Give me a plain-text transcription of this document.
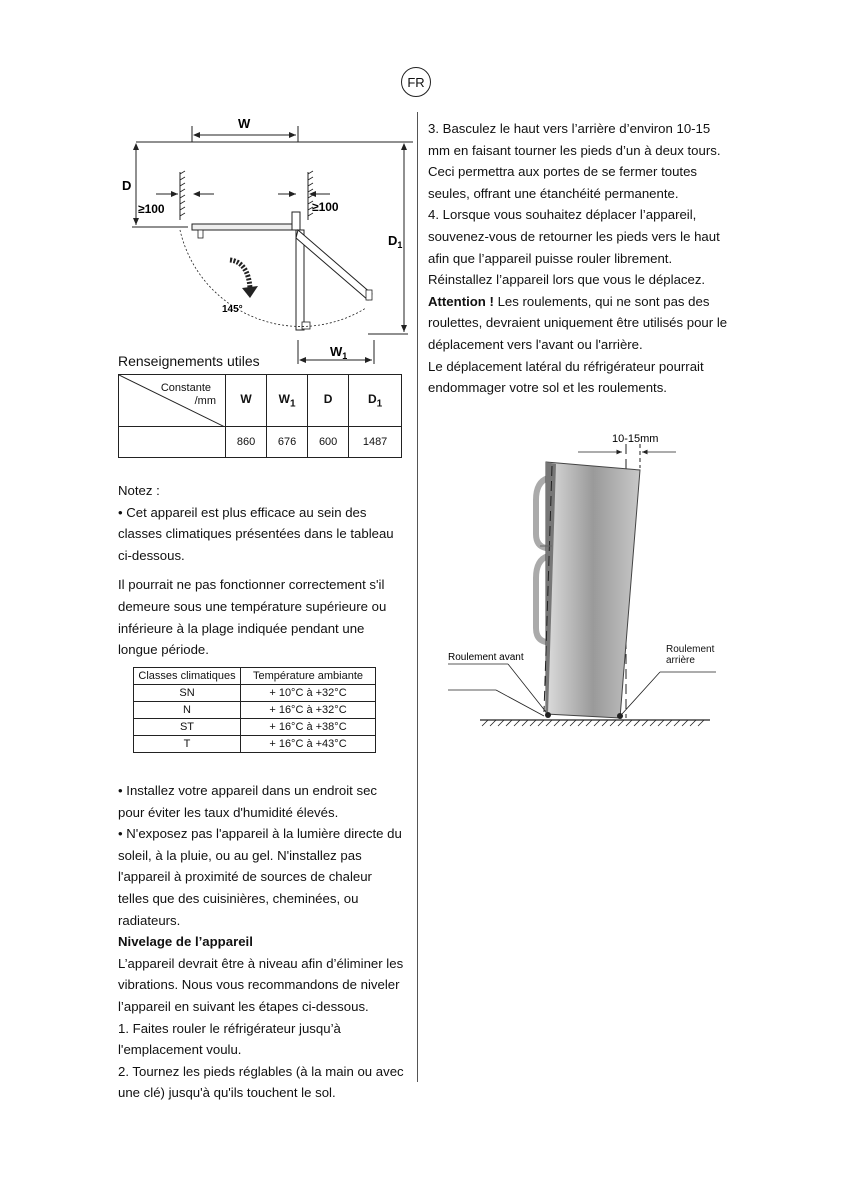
FR
W
D
$D_1$
≥100	≥100
145°
$W_1$
Renseignements utiles
Constante
/mm	W	$W_1$	D	$D_1$
	860	676	600	1487

Notez :

• Cet appareil est plus efficace au sein des classes climatiques présentées dans le tableau ci-dessous.

Il pourrait ne pas fonctionner correctement s'il demeure sous une température supérieure ou inférieure à la plage indiquée pendant une longue période.

Classes climatiques	Température ambiante
SN	+ 10°C à +32°C
N	+ 16°C à +32°C
ST	+ 16°C à +38°C
T	+ 16°C à +43°C

• Installez votre appareil dans un endroit sec pour éviter les taux d'humidité élevés.

• N'exposez pas l'appareil à la lumière directe du soleil, à la pluie, ou au gel. N'installez pas l'appareil à proximité de sources de chaleur telles que des cuisinières, cheminées, ou radiateurs.

Nivelage de l’appareil

L’appareil devrait être à niveau afin d’éliminer les vibrations. Nous vous recommandons de niveler l’appareil en suivant les étapes ci-dessous.

1. Faites rouler le réfrigérateur jusqu’à l'emplacement voulu.

2. Tournez les pieds réglables (à la main ou avec une clé) jusqu'à qu'ils touchent le sol.

3. Basculez le haut vers l’arrière d’environ 10-15 mm en faisant tourner les pieds d’un à deux tours. Ceci permettra aux portes de se fermer toutes seules, offrant une étanchéité permanente.

4. Lorsque vous souhaitez déplacer l’appareil, souvenez-vous de retourner les pieds vers le haut afin que l’appareil puisse rouler librement. Réinstallez l’appareil lors que vous le déplacez.

Attention ! Les roulements, qui ne sont pas des roulettes, devraient uniquement être utilisés pour le déplacement vers l'avant ou l'arrière.

Le déplacement latéral du réfrigérateur pourrait endommager votre sol et les roulements.

10-15mm
Roulement avant
Roulement arrière
